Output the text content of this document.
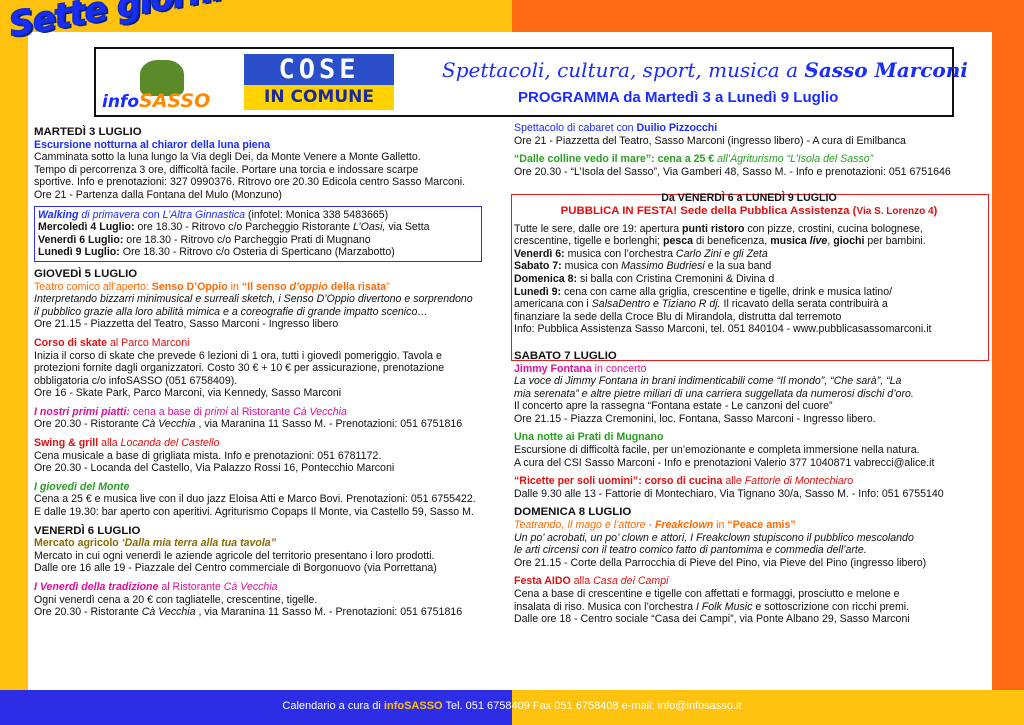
infoSASSO
COSE
IN COMUNE
Spettacoli, cultura, sport, musica a Sasso Marconi
PROGRAMMA da Martedì 3 a Lunedì 9 Luglio

MARTEDÌ 3 LUGLIO

Escursione notturna al chiaror della luna piena

Camminata sotto la luna lungo la Via degli Dei, da Monte Venere a Monte Galletto.

Tempo di percorrenza 3 ore, difficoltà facile. Portare una torcia e indossare scarpe

sportive. Info e prenotazioni: 327 0990376. Ritrovo ore 20.30 Edicola centro Sasso Marconi.

Ore 21 - Partenza dalla Fontana del Mulo (Monzuno)

Walking di primavera con L’Altra Ginnastica (infotel: Monica 338 5483665)

Mercoledì 4 Luglio: ore 18.30 - Ritrovo c/o Parcheggio Ristorante L’Oasi, via Setta

Venerdì 6 Luglio: ore 18.30 - Ritrovo c/o Parcheggio Prati di Mugnano

Lunedì 9 Luglio: Ore 18.30 - Ritrovo c/o Osteria di Sperticano (Marzabotto)

GIOVEDÌ 5 LUGLIO

Teatro comico all’aperto: Senso D’Oppio in “Il senso d’oppio della risata”

Interpretando bizzarri minimusical e surreali sketch, i Senso D’Oppio divertono e sorprendono

il pubblico grazie alla loro abilità mimica e a coreografie di grande impatto scenico…

Ore 21.15 - Piazzetta del Teatro, Sasso Marconi - Ingresso libero

Corso di skate al Parco Marconi

Inizia il corso di skate che prevede 6 lezioni di 1 ora, tutti i giovedì pomeriggio. Tavola e

protezioni fornite dagli organizzatori. Costo 30 € + 10 € per assicurazione, prenotazione

obbligatoria c/o infoSASSO (051 6758409).

Ore 16 - Skate Park, Parco Marconi, via Kennedy, Sasso Marconi

I nostri primi piatti: cena a base di primi al Ristorante Cà Vecchia

Ore 20.30 - Ristorante Cà Vecchia , via Maranina 11 Sasso M. - Prenotazioni: 051 6751816

Swing & grill alla Locanda del Castello

Cena musicale a base di grigliata mista. Info e prenotazioni: 051 6781172.

Ore 20.30 - Locanda del Castello, Via Palazzo Rossi 16, Pontecchio Marconi

I giovedì del Monte

Cena a 25 € e musica live con il duo jazz Eloisa Atti e Marco Bovi. Prenotazioni: 051 6755422.

E dalle 19.30: bar aperto con aperitivi. Agriturismo Copaps Il Monte, via Castello 59, Sasso M.

VENERDÌ 6 LUGLIO

Mercato agricolo ‘Dalla mia terra alla tua tavola”

Mercato in cui ogni venerdì le aziende agricole del territorio presentano i loro prodotti.

Dalle ore 16 alle 19 - Piazzale del Centro commerciale di Borgonuovo (via Porrettana)

I Venerdì della tradizione al Ristorante Cà Vecchia

Ogni venerdì cena a 20 € con tagliatelle, crescentine, tigelle.

Ore 20.30 - Ristorante Cà Vecchia , via Maranina 11 Sasso M. - Prenotazioni: 051 6751816

Spettacolo di cabaret con Duilio Pizzocchi

Ore 21 - Piazzetta del Teatro, Sasso Marconi (ingresso libero) - A cura di Emilbanca

“Dalle colline vedo il mare”: cena a 25 € all’Agriturismo “L’Isola del Sasso”

Ore 20.30 - “L’Isola del Sasso”, Via Gamberi 48, Sasso M. - Info e prenotazioni: 051 6751646

Da VENERDÌ 6 a LUNEDÌ 9 LUGLIO

PUBBLICA IN FESTA! Sede della Pubblica Assistenza (Via S. Lorenzo 4)

Tutte le sere, dalle ore 19: apertura punti ristoro con pizze, crostini, cucina bolognese,

crescentine, tigelle e borlenghi; pesca di beneficenza, musica live, giochi per bambini.

Venerdì 6: musica con l’orchestra Carlo Zini e gli Zeta

Sabato 7: musica con Massimo Budriesi e la sua band

Domenica 8: si balla con Cristina Cremonini & Divina d

Lunedì 9: cena con carne alla griglia, crescentine e tigelle, drink e musica latino/

americana con i SalsaDentro e Tiziano R dj. Il ricavato della serata contribuirà a

finanziare la sede della Croce Blu di Mirandola, distrutta dal terremoto

Info: Pubblica Assistenza Sasso Marconi, tel. 051 840104 - www.pubblicasassomarconi.it

SABATO 7 LUGLIO

Jimmy Fontana in concerto

La voce di Jimmy Fontana in brani indimenticabili come “Il mondo”, “Che sarà”, “La

mia serenata” e altre pietre miliari di una carriera suggellata da numerosi dischi d’oro.

Il concerto apre la rassegna “Fontana estate - Le canzoni del cuore”

Ore 21.15 - Piazza Cremonini, loc. Fontana, Sasso Marconi - Ingresso libero.

Una notte ai Prati di Mugnano

Escursione di difficoltà facile, per un’emozionante e completa immersione nella natura.

A cura del CSI Sasso Marconi - Info e prenotazioni Valerio 377 1040871 vabrecci@alice.it

“Ricette per soli uomini”: corso di cucina alle Fattorie di Montechiaro

Dalle 9.30 alle 13 - Fattorie di Montechiaro, Via Tignano 30/a, Sasso M. - Info: 051 6755140

DOMENICA 8 LUGLIO

Teatrando, Il mago e l’attore - Freakclown in “Peace amis”

Un po’ acrobati, un po’ clown e attori, I Freakclown stupiscono il pubblico mescolando

le arti circensi con il teatro comico fatto di pantomima e commedia dell’arte.

Ore 21.15 - Corte della Parrocchia di Pieve del Pino, via Pieve del Pino (ingresso libero)

Festa AIDO alla Casa dei Campi

Cena a base di crescentine e tigelle con affettati e formaggi, prosciutto e melone e

insalata di riso. Musica con l’orchestra I Folk Music e sottoscrizione con ricchi premi.

Dalle ore 18 - Centro sociale “Casa dei Campi”, via Ponte Albano 29, Sasso Marconi

Calendario a cura di infoSASSO Tel. 051 6758409 Fax 051 6758408 e-mail: info@infosasso.it
